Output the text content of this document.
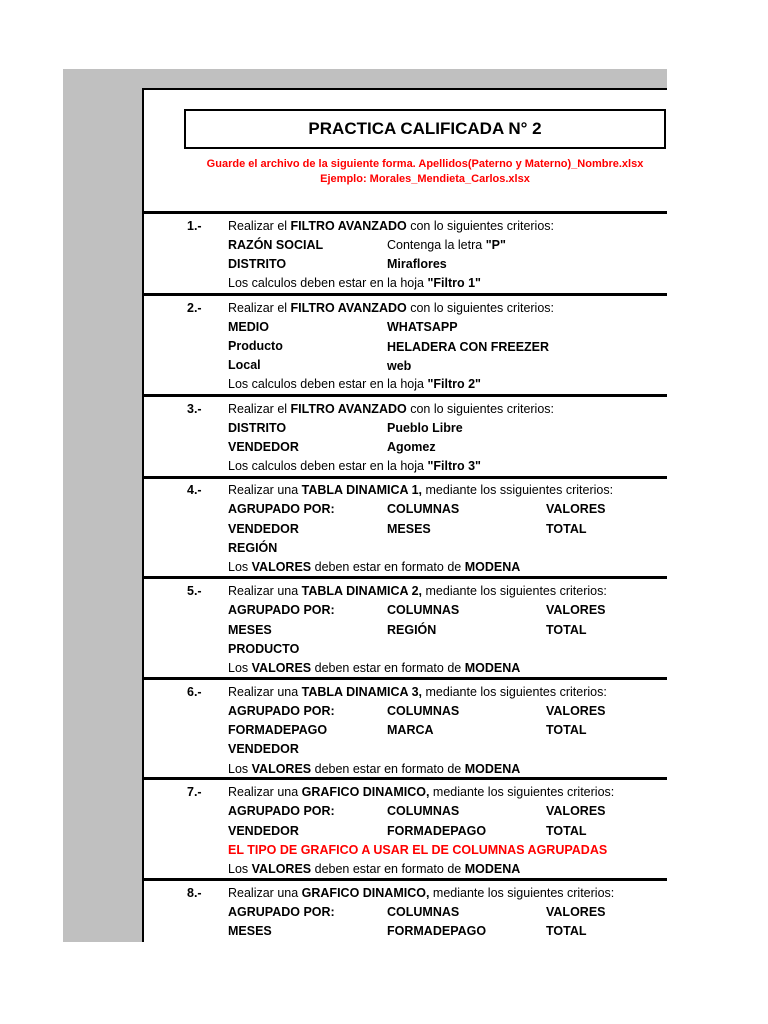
PRACTICA CALIFICADA N° 2
Guarde el archivo de la siguiente forma. Apellidos(Paterno y Materno)_Nombre.xlsx
Ejemplo: Morales_Mendieta_Carlos.xlsx
1.- Realizar el FILTRO AVANZADO con lo siguientes criterios:
RAZÓN SOCIAL	Contenga la letra "P"
DISTRITO	Miraflores
Los calculos deben estar en la hoja "Filtro 1"
2.- Realizar el FILTRO AVANZADO con lo siguientes criterios:
MEDIO	WHATSAPP
Producto	HELADERA CON FREEZER
Local	web
Los calculos deben estar en la hoja "Filtro 2"
3.- Realizar el FILTRO AVANZADO con lo siguientes criterios:
DISTRITO	Pueblo Libre
VENDEDOR	Agomez
Los calculos deben estar en la hoja "Filtro 3"
4.- Realizar una TABLA DINAMICA 1, mediante los ssiguientes criterios:
AGRUPADO POR:	COLUMNAS	VALORES
VENDEDOR	MESES	TOTAL
REGIÓN
Los VALORES deben estar en formato de MODENA
5.- Realizar una TABLA DINAMICA 2, mediante los siguientes criterios:
AGRUPADO POR:	COLUMNAS	VALORES
MESES	REGIÓN	TOTAL
PRODUCTO
Los VALORES deben estar en formato de MODENA
6.- Realizar una TABLA DINAMICA 3, mediante los siguientes criterios:
AGRUPADO POR:	COLUMNAS	VALORES
FORMADEPAGO	MARCA	TOTAL
VENDEDOR
Los VALORES deben estar en formato de MODENA
7.- Realizar una GRAFICO DINAMICO, mediante los siguientes criterios:
AGRUPADO POR:	COLUMNAS	VALORES
VENDEDOR	FORMADEPAGO	TOTAL
EL TIPO DE GRAFICO A USAR EL DE COLUMNAS AGRUPADAS
Los VALORES deben estar en formato de MODENA
8.- Realizar una GRAFICO DINAMICO, mediante los siguientes criterios:
AGRUPADO POR:	COLUMNAS	VALORES
MESES	FORMADEPAGO	TOTAL
